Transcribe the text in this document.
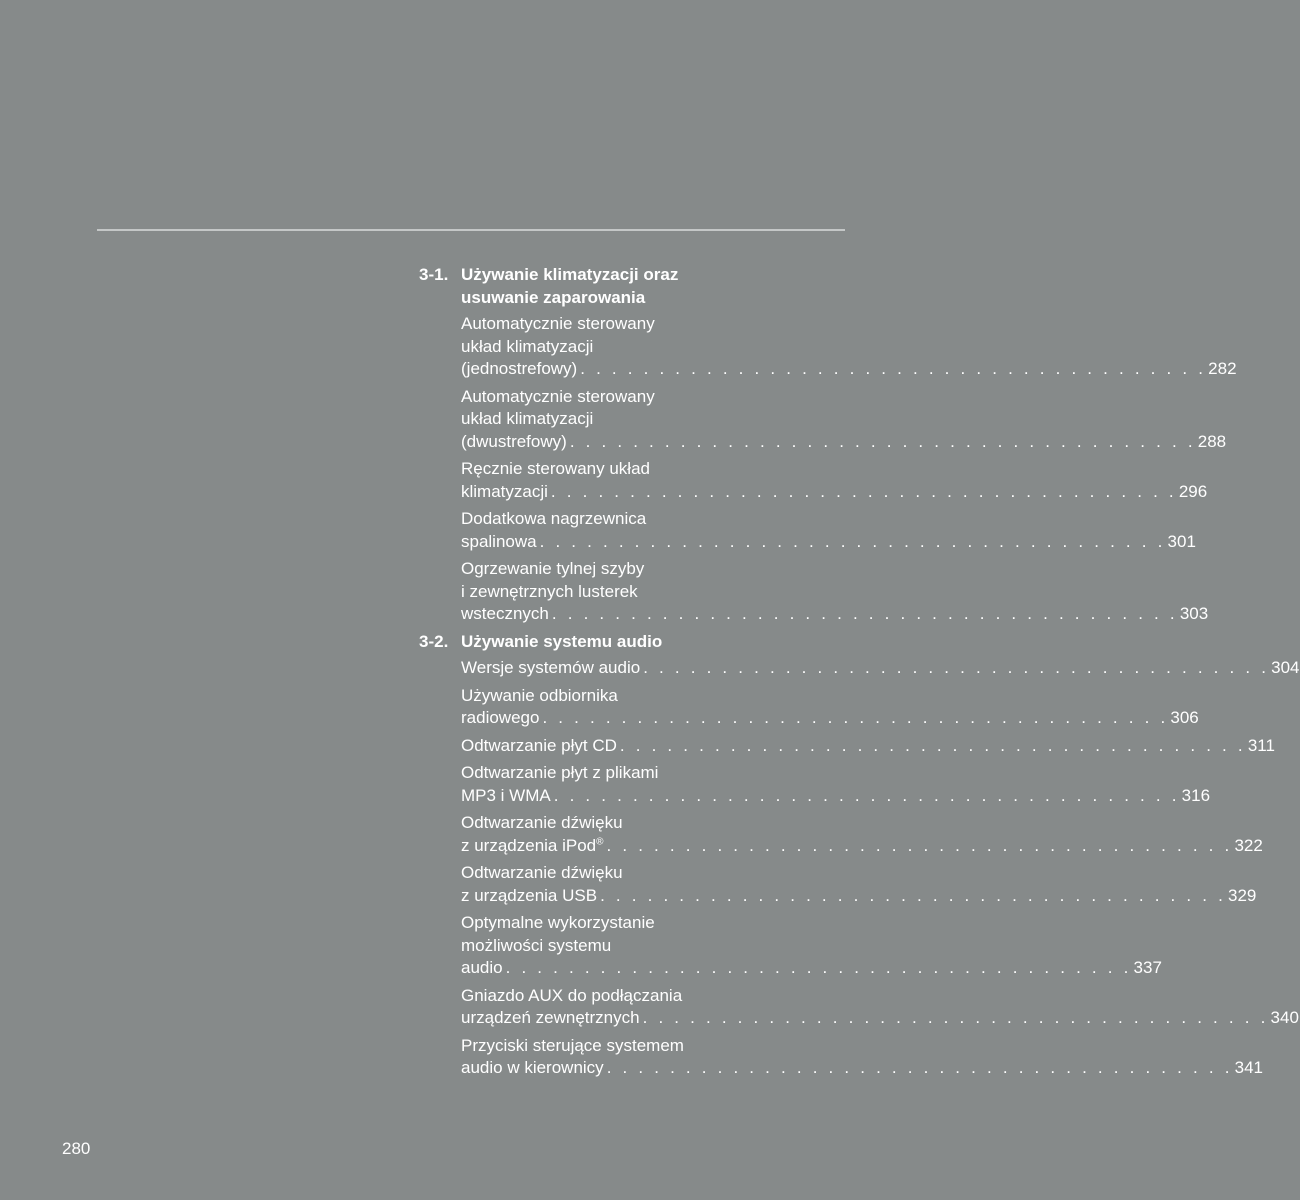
3-1. Używanie klimatyzacji oraz usuwanie zaparowania
Automatycznie sterowany
układ klimatyzacji
(jednostrefowy) . . . . . . . . . . . . . . . . . . . . . . . . . . . . . . . . . . . . . . . . 282
Automatycznie sterowany
układ klimatyzacji
(dwustrefowy) . . . . . . . . . . . . . . . . . . . . . . . . . . . . . . . . . . . . . . . . 288
Ręcznie sterowany układ
klimatyzacji . . . . . . . . . . . . . . . . . . . . . . . . . . . . . . . . . . . . . . . . 296
Dodatkowa nagrzewnica
spalinowa . . . . . . . . . . . . . . . . . . . . . . . . . . . . . . . . . . . . . . . . 301
Ogrzewanie tylnej szyby
i zewnętrznych lusterek
wstecznych . . . . . . . . . . . . . . . . . . . . . . . . . . . . . . . . . . . . . . . . 303
3-2. Używanie systemu audio
Wersje systemów audio . . . . . . . . . . . . . . . . . . . . . . . . . . . . . . . . . . . . . . . . 304
Używanie odbiornika
radiowego . . . . . . . . . . . . . . . . . . . . . . . . . . . . . . . . . . . . . . . . 306
Odtwarzanie płyt CD . . . . . . . . . . . . . . . . . . . . . . . . . . . . . . . . . . . . . . . . 311
Odtwarzanie płyt z plikami
MP3 i WMA . . . . . . . . . . . . . . . . . . . . . . . . . . . . . . . . . . . . . . . . 316
Odtwarzanie dźwięku
z urządzenia iPod® . . . . . . . . . . . . . . . . . . . . . . . . . . . . . . . . . . . . . . . . 322
Odtwarzanie dźwięku
z urządzenia USB . . . . . . . . . . . . . . . . . . . . . . . . . . . . . . . . . . . . . . . . 329
Optymalne wykorzystanie
możliwości systemu
audio . . . . . . . . . . . . . . . . . . . . . . . . . . . . . . . . . . . . . . . . 337
Gniazdo AUX do podłączania
urządzeń zewnętrznych . . . . . . . . . . . . . . . . . . . . . . . . . . . . . . . . . . . . . . . . 340
Przyciski sterujące systemem
audio w kierownicy . . . . . . . . . . . . . . . . . . . . . . . . . . . . . . . . . . . . . . . . 341
280
